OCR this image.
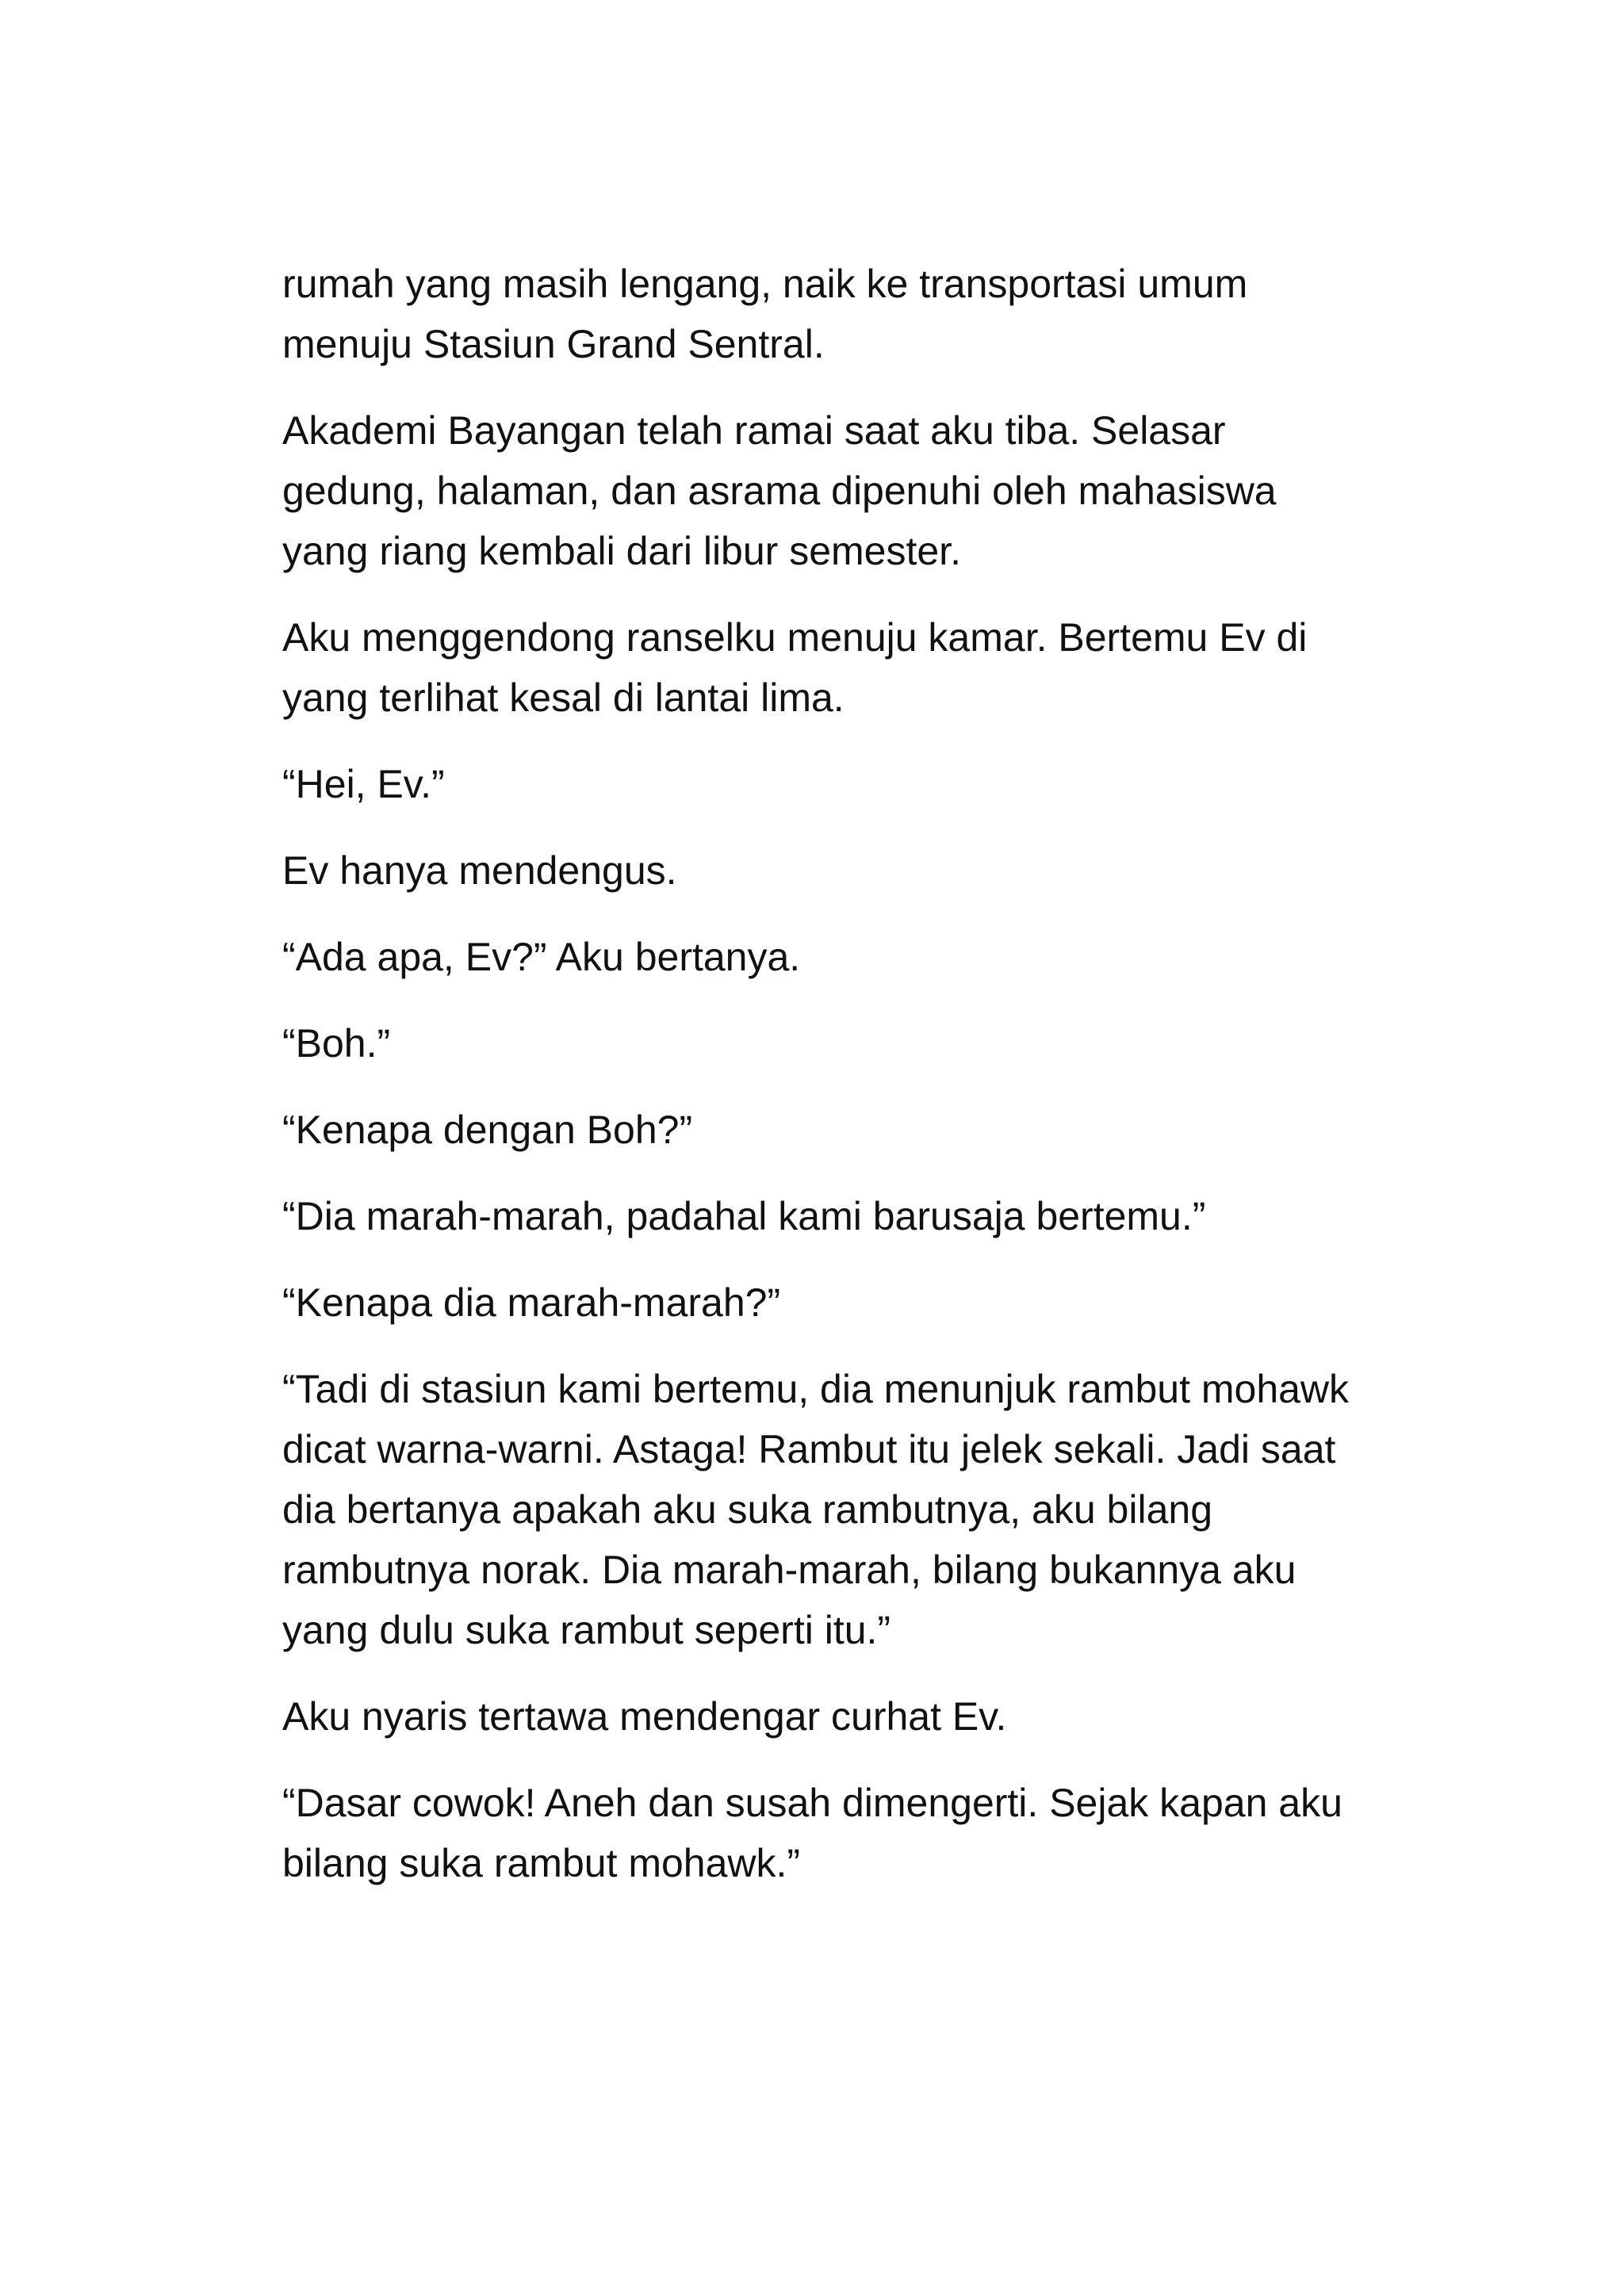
rumah yang masih lengang, naik ke transportasi umum menuju Stasiun Grand Sentral.

Akademi Bayangan telah ramai saat aku tiba. Selasar gedung, halaman, dan asrama dipenuhi oleh mahasiswa yang riang kembali dari libur semester.

Aku menggendong ranselku menuju kamar. Bertemu Ev di yang terlihat kesal di lantai lima.

“Hei, Ev.”

Ev hanya mendengus.

“Ada apa, Ev?” Aku bertanya.

“Boh.”

“Kenapa dengan Boh?”

“Dia marah-marah, padahal kami barusaja bertemu.”

“Kenapa dia marah-marah?”

“Tadi di stasiun kami bertemu, dia menunjuk rambut mohawk dicat warna-warni. Astaga! Rambut itu jelek sekali. Jadi saat dia bertanya apakah aku suka rambutnya, aku bilang rambutnya norak. Dia marah-marah, bilang bukannya aku yang dulu suka rambut seperti itu.”

Aku nyaris tertawa mendengar curhat Ev.

“Dasar cowok! Aneh dan susah dimengerti. Sejak kapan aku bilang suka rambut mohawk.”
